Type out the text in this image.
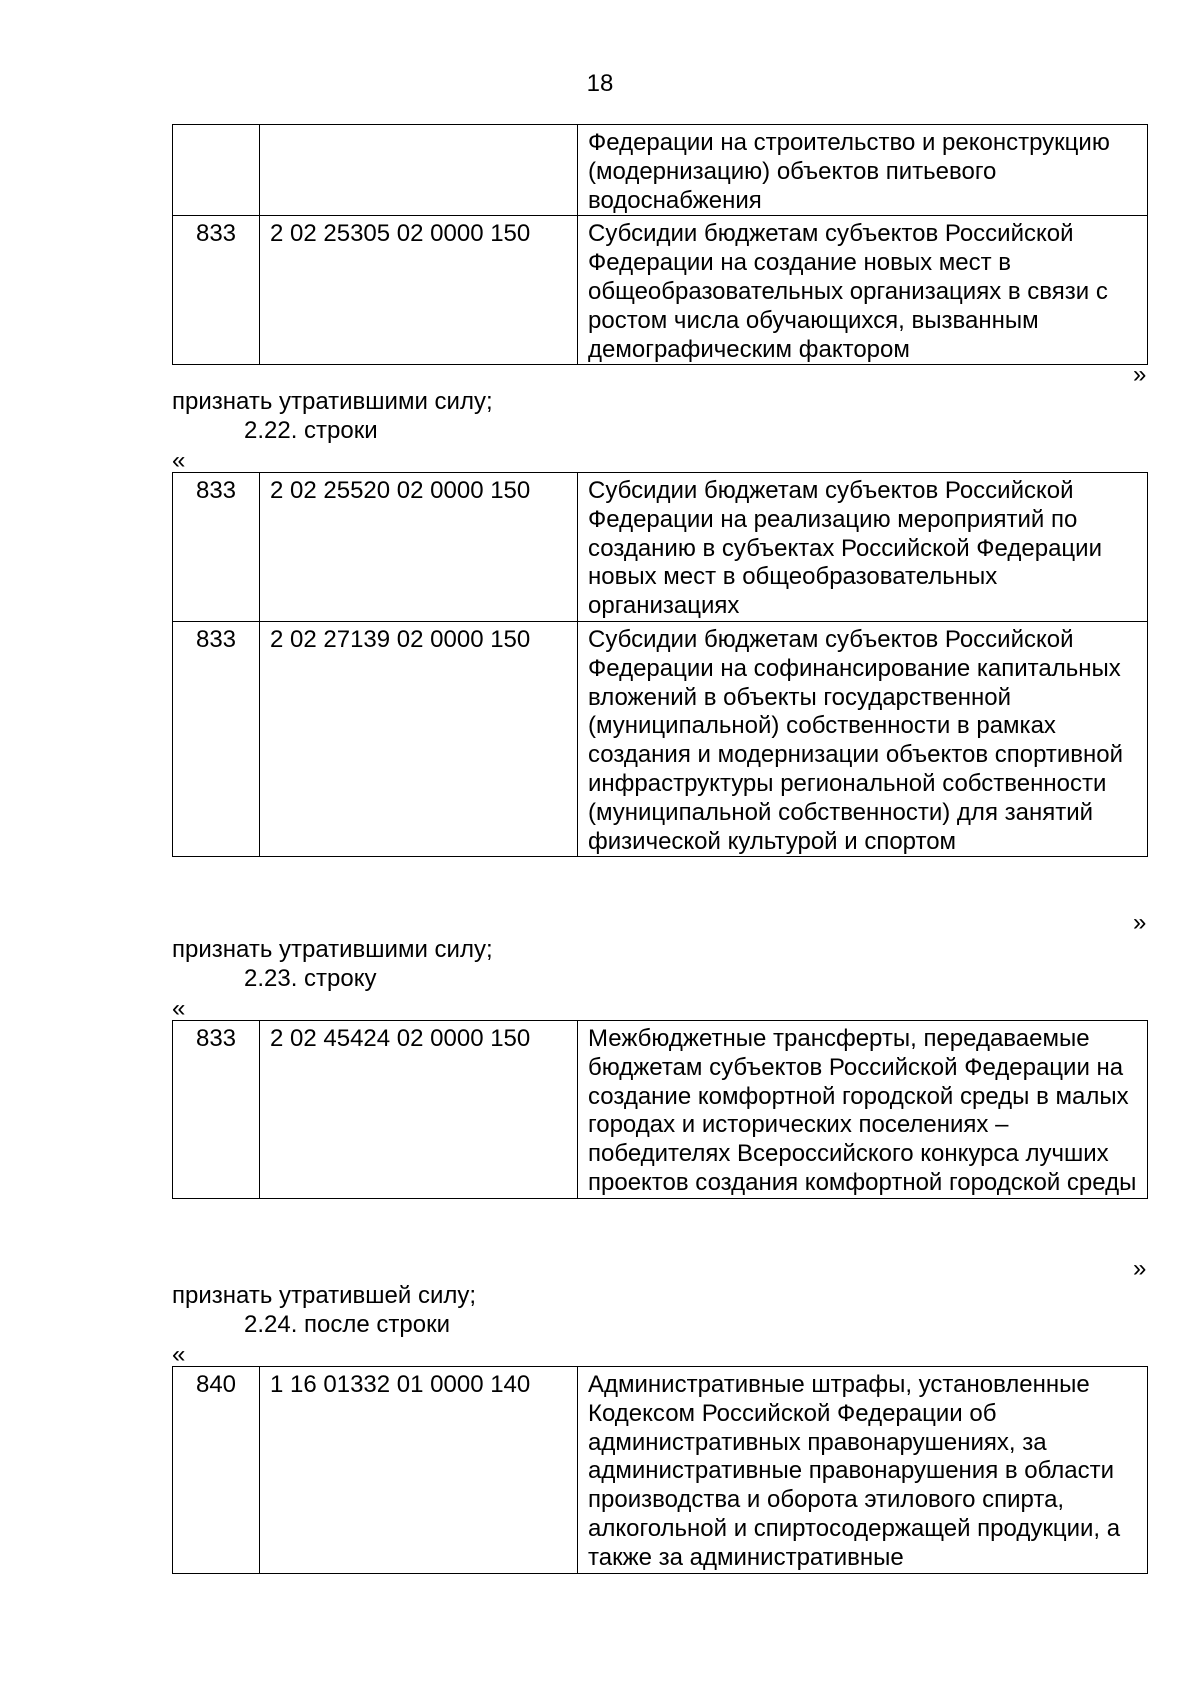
18
		Федерации на строительство и реконструкцию (модернизацию) объектов питьевого водоснабжения
833	2 02 25305 02 0000 150	Субсидии бюджетам субъектов Российской Федерации на создание новых мест в общеобразовательных организациях в связи с ростом числа обучающихся, вызванным демографическим фактором
»
признать утратившими силу;
2.22. строки
«
833	2 02 25520 02 0000 150	Субсидии бюджетам субъектов Российской Федерации на реализацию мероприятий по созданию в субъектах Российской Федерации новых мест в общеобразовательных организациях
833	2 02 27139 02 0000 150	Субсидии бюджетам субъектов Российской Федерации на софинансирование капитальных вложений в объекты государственной (муниципальной) собственности в рамках создания и модернизации объектов спортивной инфраструктуры региональной собственности (муниципальной собственности) для занятий физической культурой и спортом
»
признать утратившими силу;
2.23. строку
«
833	2 02 45424 02 0000 150	Межбюджетные трансферты, передаваемые бюджетам субъектов Российской Федерации на создание комфортной городской среды в малых городах и исторических поселениях – победителях Всероссийского конкурса лучших проектов создания комфортной городской среды
»
признать утратившей силу;
2.24. после строки
«
840	1 16 01332 01 0000 140	Административные штрафы, установленные Кодексом Российской Федерации об административных правонарушениях, за административные правонарушения в области производства и оборота этилового спирта, алкогольной и спиртосодержащей продукции, а также за административные
